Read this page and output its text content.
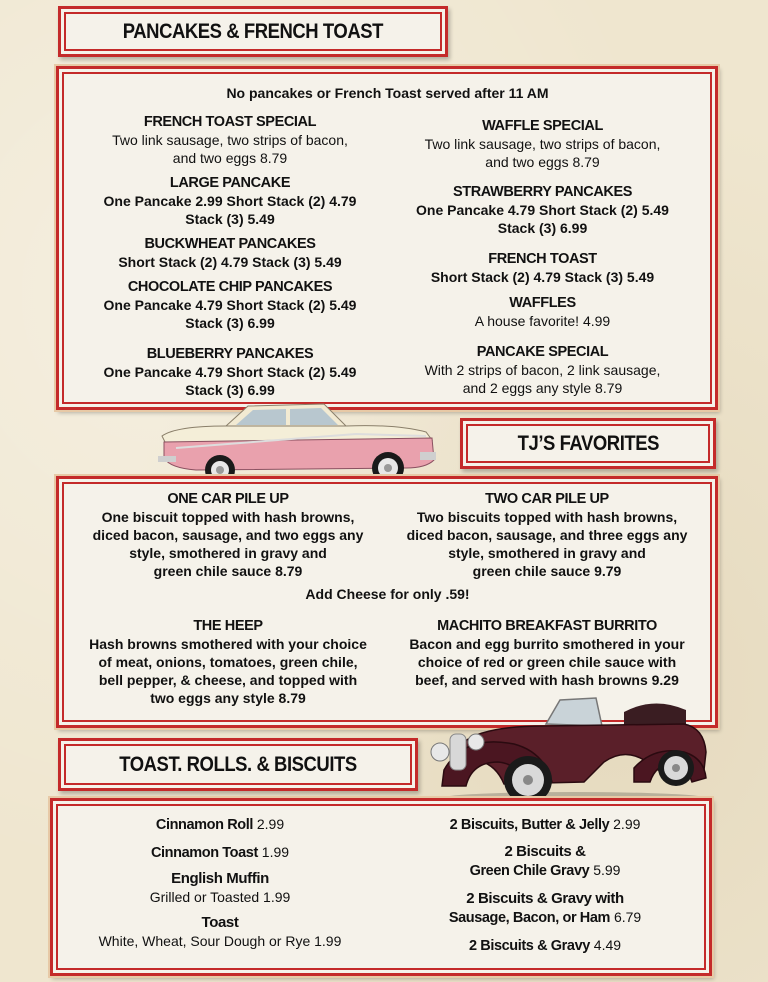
PANCAKES & FRENCH TOAST
No pancakes or French Toast served after 11 AM
FRENCH TOAST SPECIAL
Two link sausage, two strips of bacon,
and two eggs 8.79
LARGE PANCAKE
One Pancake 2.99 Short Stack (2) 4.79
Stack (3) 5.49
BUCKWHEAT PANCAKES
Short Stack (2) 4.79 Stack (3) 5.49
CHOCOLATE CHIP PANCAKES
One Pancake 4.79 Short Stack (2) 5.49
Stack (3) 6.99
BLUEBERRY PANCAKES
One Pancake 4.79 Short Stack (2) 5.49
Stack (3) 6.99
WAFFLE SPECIAL
Two link sausage, two strips of bacon,
and two eggs 8.79
STRAWBERRY PANCAKES
One Pancake 4.79 Short Stack (2) 5.49
Stack (3) 6.99
FRENCH TOAST
Short Stack (2) 4.79 Stack (3) 5.49
WAFFLES
A house favorite! 4.99
PANCAKE SPECIAL
With 2 strips of bacon, 2 link sausage,
and 2 eggs any style 8.79
TJ’S FAVORITES
ONE CAR PILE UP
One biscuit topped with hash browns,
diced bacon, sausage, and two eggs any
style, smothered in gravy and
green chile sauce 8.79
TWO CAR PILE UP
Two biscuits topped with hash browns,
diced bacon, sausage, and three eggs any
style, smothered in gravy and
green chile sauce 9.79
Add Cheese for only .59!
THE HEEP
Hash browns smothered with your choice
of meat, onions, tomatoes, green chile,
bell pepper, & cheese, and topped with
two eggs any style 8.79
MACHITO BREAKFAST BURRITO
Bacon and egg burrito smothered in your
choice of red or green chile sauce with
beef, and served with hash browns 9.29
TOAST. ROLLS. & BISCUITS
Cinnamon Roll 2.99
Cinnamon Toast 1.99
English Muffin
Grilled or Toasted 1.99
Toast
White, Wheat, Sour Dough or Rye 1.99
2 Biscuits, Butter & Jelly 2.99
2 Biscuits &
Green Chile Gravy 5.99
2 Biscuits & Gravy with
Sausage, Bacon, or Ham 6.79
2 Biscuits & Gravy 4.49
